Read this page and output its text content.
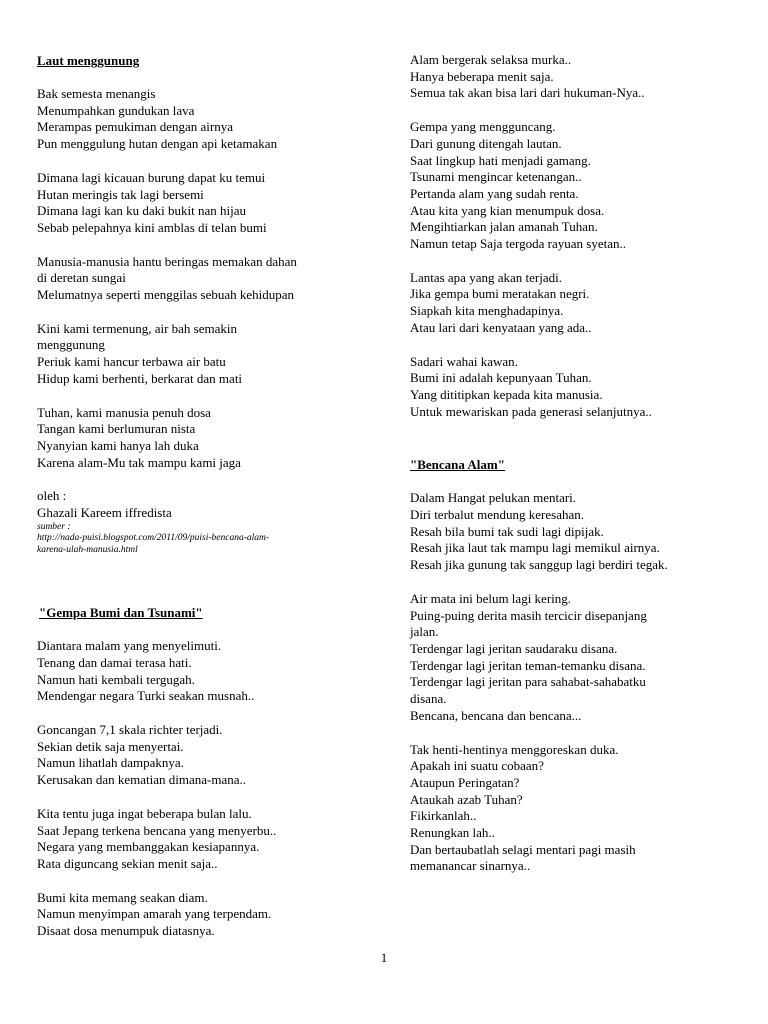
Laut menggunung

Bak semesta menangis
Menumpahkan gundukan lava
Merampas pemukiman dengan airnya
Pun menggulung hutan dengan api ketamakan
Dimana lagi kicauan burung dapat ku temui
Hutan meringis tak lagi bersemi
Dimana lagi kan ku daki bukit nan hijau
Sebab pelepahnya kini amblas di telan bumi
Manusia-manusia hantu beringas memakan dahan
di deretan sungai
Melumatnya seperti menggilas sebuah kehidupan
Kini kami termenung, air bah semakin
menggunung
Periuk kami hancur terbawa air batu
Hidup kami berhenti, berkarat dan mati
Tuhan, kami manusia penuh dosa
Tangan kami berlumuran nista
Nyanyian kami hanya lah duka
Karena alam-Mu tak mampu kami jaga
oleh :
Ghazali Kareem iffredista
sumber :
http://nada-puisi.blogspot.com/2011/09/puisi-bencana-alam-
karena-ulah-manusia.html

"Gempa Bumi dan Tsunami"

Diantara malam yang menyelimuti.
Tenang dan damai terasa hati.
Namun hati kembali tergugah.
Mendengar negara Turki seakan musnah..
Goncangan 7,1 skala richter terjadi.
Sekian detik saja menyertai.
Namun lihatlah dampaknya.
Kerusakan dan kematian dimana-mana..
Kita tentu juga ingat beberapa bulan lalu.
Saat Jepang terkena bencana yang menyerbu..
Negara yang membanggakan kesiapannya.
Rata diguncang sekian menit saja..
Bumi kita memang seakan diam.
Namun menyimpan amarah yang terpendam.
Disaat dosa menumpuk diatasnya.
Alam bergerak selaksa murka..
Hanya beberapa menit saja.
Semua tak akan bisa lari dari hukuman-Nya..
Gempa yang mengguncang.
Dari gunung ditengah lautan.
Saat lingkup hati menjadi gamang.
Tsunami mengincar ketenangan..
Pertanda alam yang sudah renta.
Atau kita yang kian menumpuk dosa.
Mengihtiarkan jalan amanah Tuhan.
Namun tetap Saja tergoda rayuan syetan..
Lantas apa yang akan terjadi.
Jika gempa bumi meratakan negri.
Siapkah kita menghadapinya.
Atau lari dari kenyataan yang ada..
Sadari wahai kawan.
Bumi ini adalah kepunyaan Tuhan.
Yang dititipkan kepada kita manusia.
Untuk mewariskan pada generasi selanjutnya..

"Bencana Alam"

Dalam Hangat pelukan mentari.
Diri terbalut mendung keresahan.
Resah bila bumi tak sudi lagi dipijak.
Resah jika laut tak mampu lagi memikul airnya.
Resah jika gunung tak sanggup lagi berdiri tegak.
Air mata ini belum lagi kering.
Puing-puing derita masih tercicir disepanjang
jalan.
Terdengar lagi jeritan saudaraku disana.
Terdengar lagi jeritan teman-temanku disana.
Terdengar lagi jeritan para sahabat-sahabatku
disana.
Bencana, bencana dan bencana...
Tak henti-hentinya menggoreskan duka.
Apakah ini suatu cobaan?
Ataupun Peringatan?
Ataukah azab Tuhan?
Fikirkanlah..
Renungkan lah..
Dan bertaubatlah selagi mentari pagi masih
memanancar sinarnya..
1
